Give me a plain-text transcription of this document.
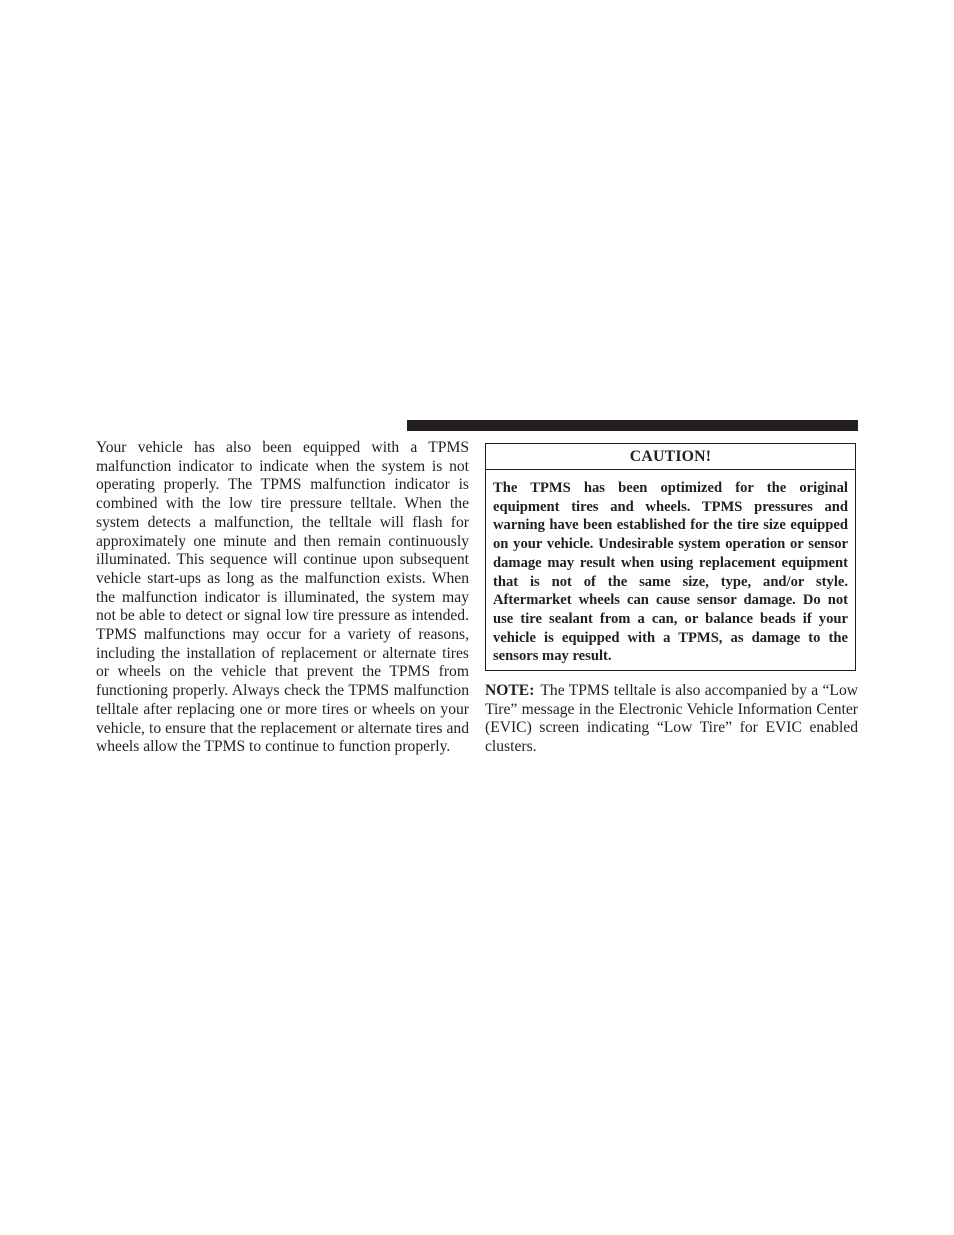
Your vehicle has also been equipped with a TPMS malfunction indicator to indicate when the system is not operating properly. The TPMS malfunction indicator is combined with the low tire pressure telltale. When the system detects a malfunction, the telltale will flash for approximately one minute and then remain continuously illuminated. This sequence will continue upon subsequent vehicle start-ups as long as the malfunction exists. When the malfunction indicator is illuminated, the system may not be able to detect or signal low tire pressure as intended. TPMS malfunctions may occur for a variety of reasons, including the installation of replacement or alternate tires or wheels on the vehicle that prevent the TPMS from functioning properly. Always check the TPMS malfunction telltale after replacing one or more tires or wheels on your vehicle, to ensure that the replacement or alternate tires and wheels allow the TPMS to continue to function properly.

CAUTION!

The TPMS has been optimized for the original equipment tires and wheels. TPMS pressures and warning have been established for the tire size equipped on your vehicle. Undesirable system operation or sensor damage may result when using replacement equipment that is not of the same size, type, and/or style. Aftermarket wheels can cause sensor damage. Do not use tire sealant from a can, or balance beads if your vehicle is equipped with a TPMS, as damage to the sensors may result.

NOTE: The TPMS telltale is also accompanied by a “Low Tire” message in the Electronic Vehicle Information Center (EVIC) screen indicating “Low Tire” for EVIC enabled clusters.
